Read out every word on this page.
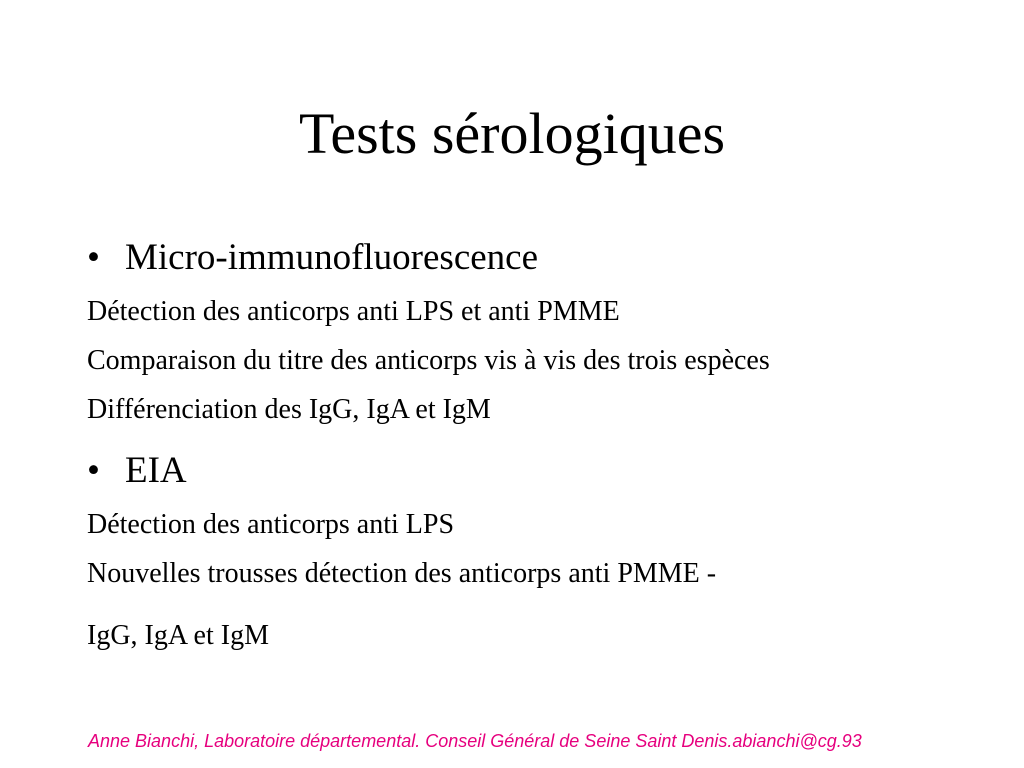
Tests sérologiques
• Micro-immunofluorescence
Détection des anticorps anti LPS et anti PMME
Comparaison du titre des anticorps vis à vis des trois espèces
Différenciation des IgG, IgA et IgM
• EIA
Détection des anticorps anti LPS
Nouvelles trousses détection des anticorps anti PMME -
IgG, IgA et IgM
Anne Bianchi, Laboratoire départemental. Conseil Général de Seine Saint Denis.abianchi@cg.93
